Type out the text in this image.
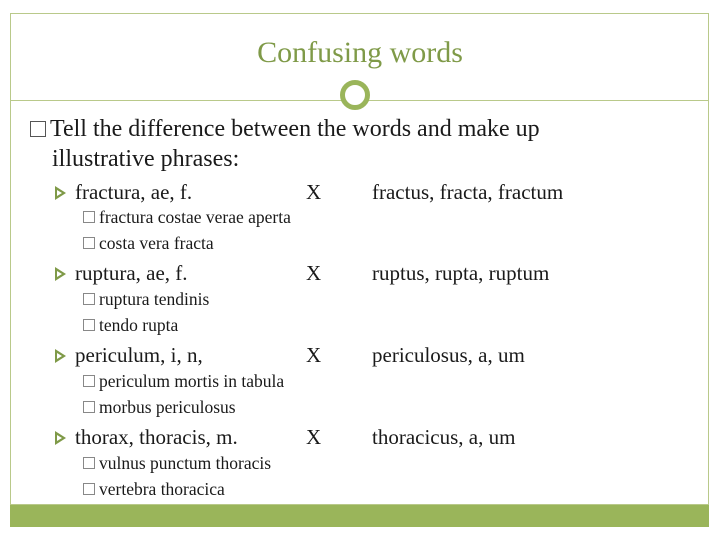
Confusing words
Tell the difference between the words and make up
illustrative phrases:
fractura, ae, f.	X fractus, fracta, fractum
fractura costae verae aperta
costa vera fracta
ruptura, ae, f.	X ruptus, rupta, ruptum
ruptura tendinis
tendo rupta
periculum, i, n,	X periculosus, a, um
periculum mortis in tabula
morbus periculosus
thorax, thoracis, m.	X thoracicus, a, um
vulnus punctum thoracis
vertebra thoracica
